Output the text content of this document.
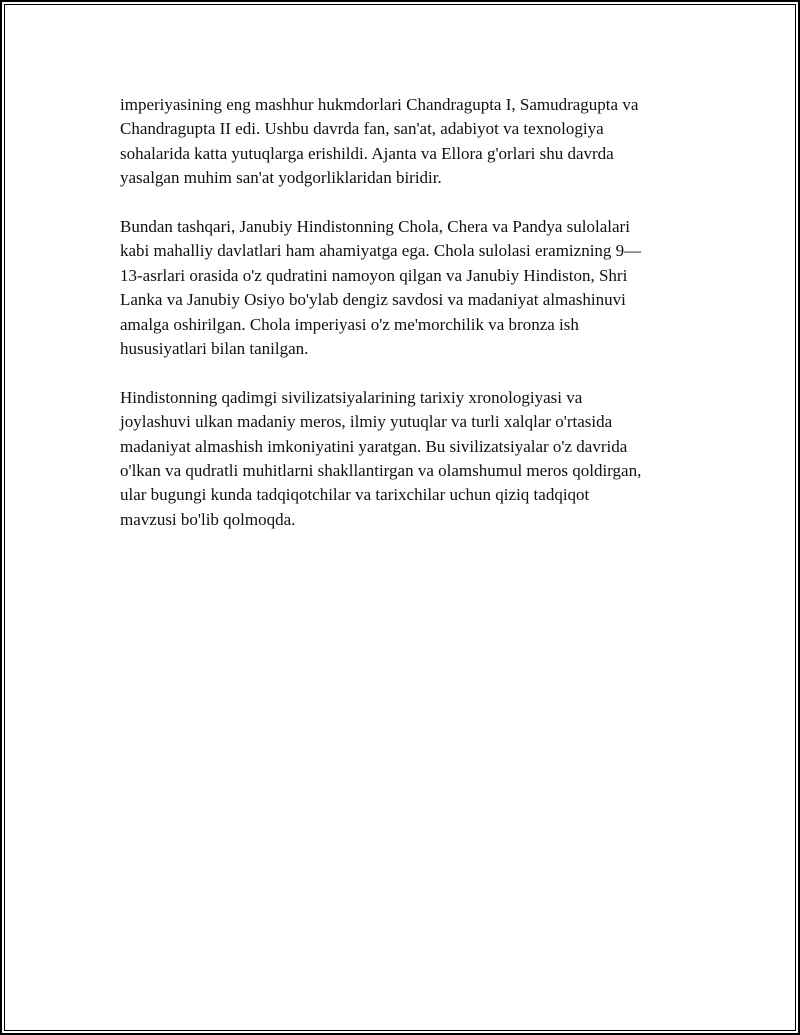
imperiyasining eng mashhur hukmdorlari Chandragupta I, Samudragupta va
Chandragupta II edi. Ushbu davrda fan, san'at, adabiyot va texnologiya
sohalarida katta yutuqlarga erishildi. Ajanta va Ellora g'orlari shu davrda
yasalgan muhim san'at yodgorliklaridan biridir.

Bundan tashqari, Janubiy Hindistonning Chola, Chera va Pandya sulolalari
kabi mahalliy davlatlari ham ahamiyatga ega. Chola sulolasi eramizning 9—
13-asrlari orasida o'z qudratini namoyon qilgan va Janubiy Hindiston, Shri
Lanka va Janubiy Osiyo bo'ylab dengiz savdosi va madaniyat almashinuvi
amalga oshirilgan. Chola imperiyasi o'z me'morchilik va bronza ish
hususiyatlari bilan tanilgan.

Hindistonning qadimgi sivilizatsiyalarining tarixiy xronologiyasi va
joylashuvi ulkan madaniy meros, ilmiy yutuqlar va turli xalqlar o'rtasida
madaniyat almashish imkoniyatini yaratgan. Bu sivilizatsiyalar o'z davrida
o'lkan va qudratli muhitlarni shakllantirgan va olamshumul meros qoldirgan,
ular bugungi kunda tadqiqotchilar va tarixchilar uchun qiziq tadqiqot
mavzusi bo'lib qolmoqda.
